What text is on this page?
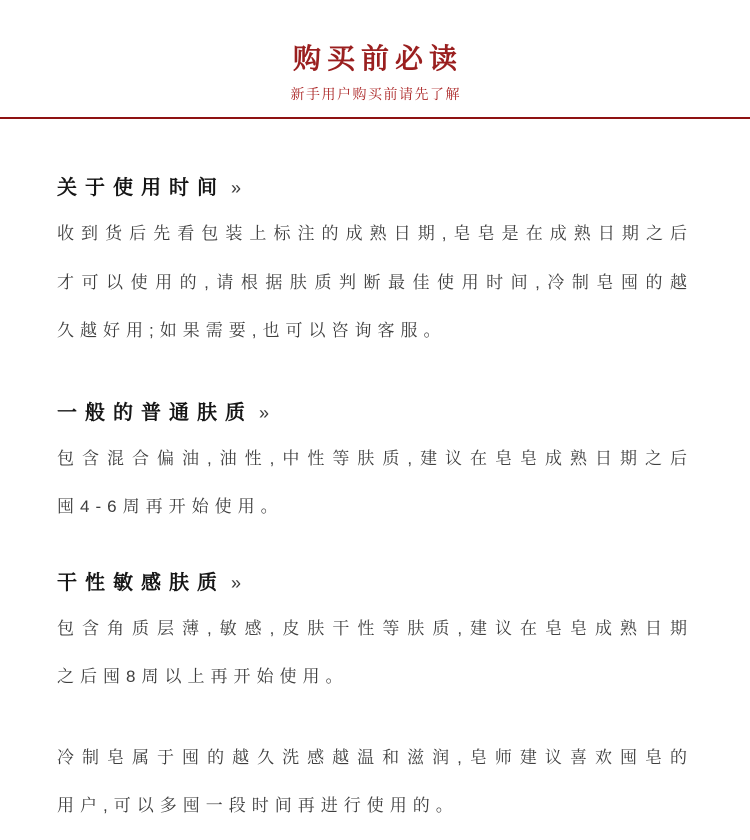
购买前必读
新手用户购买前请先了解
关于使用时间 »
收到货后先看包装上标注的成熟日期,皂皂是在成熟日期之后
才可以使用的,请根据肤质判断最佳使用时间,冷制皂囤的越
久越好用;如果需要,也可以咨询客服。
一般的普通肤质 »
包含混合偏油,油性,中性等肤质,建议在皂皂成熟日期之后
囤4-6周再开始使用。
干性敏感肤质 »
包含角质层薄,敏感,皮肤干性等肤质,建议在皂皂成熟日期
之后囤8周以上再开始使用。
冷制皂属于囤的越久洗感越温和滋润,皂师建议喜欢囤皂的
用户,可以多囤一段时间再进行使用的。
